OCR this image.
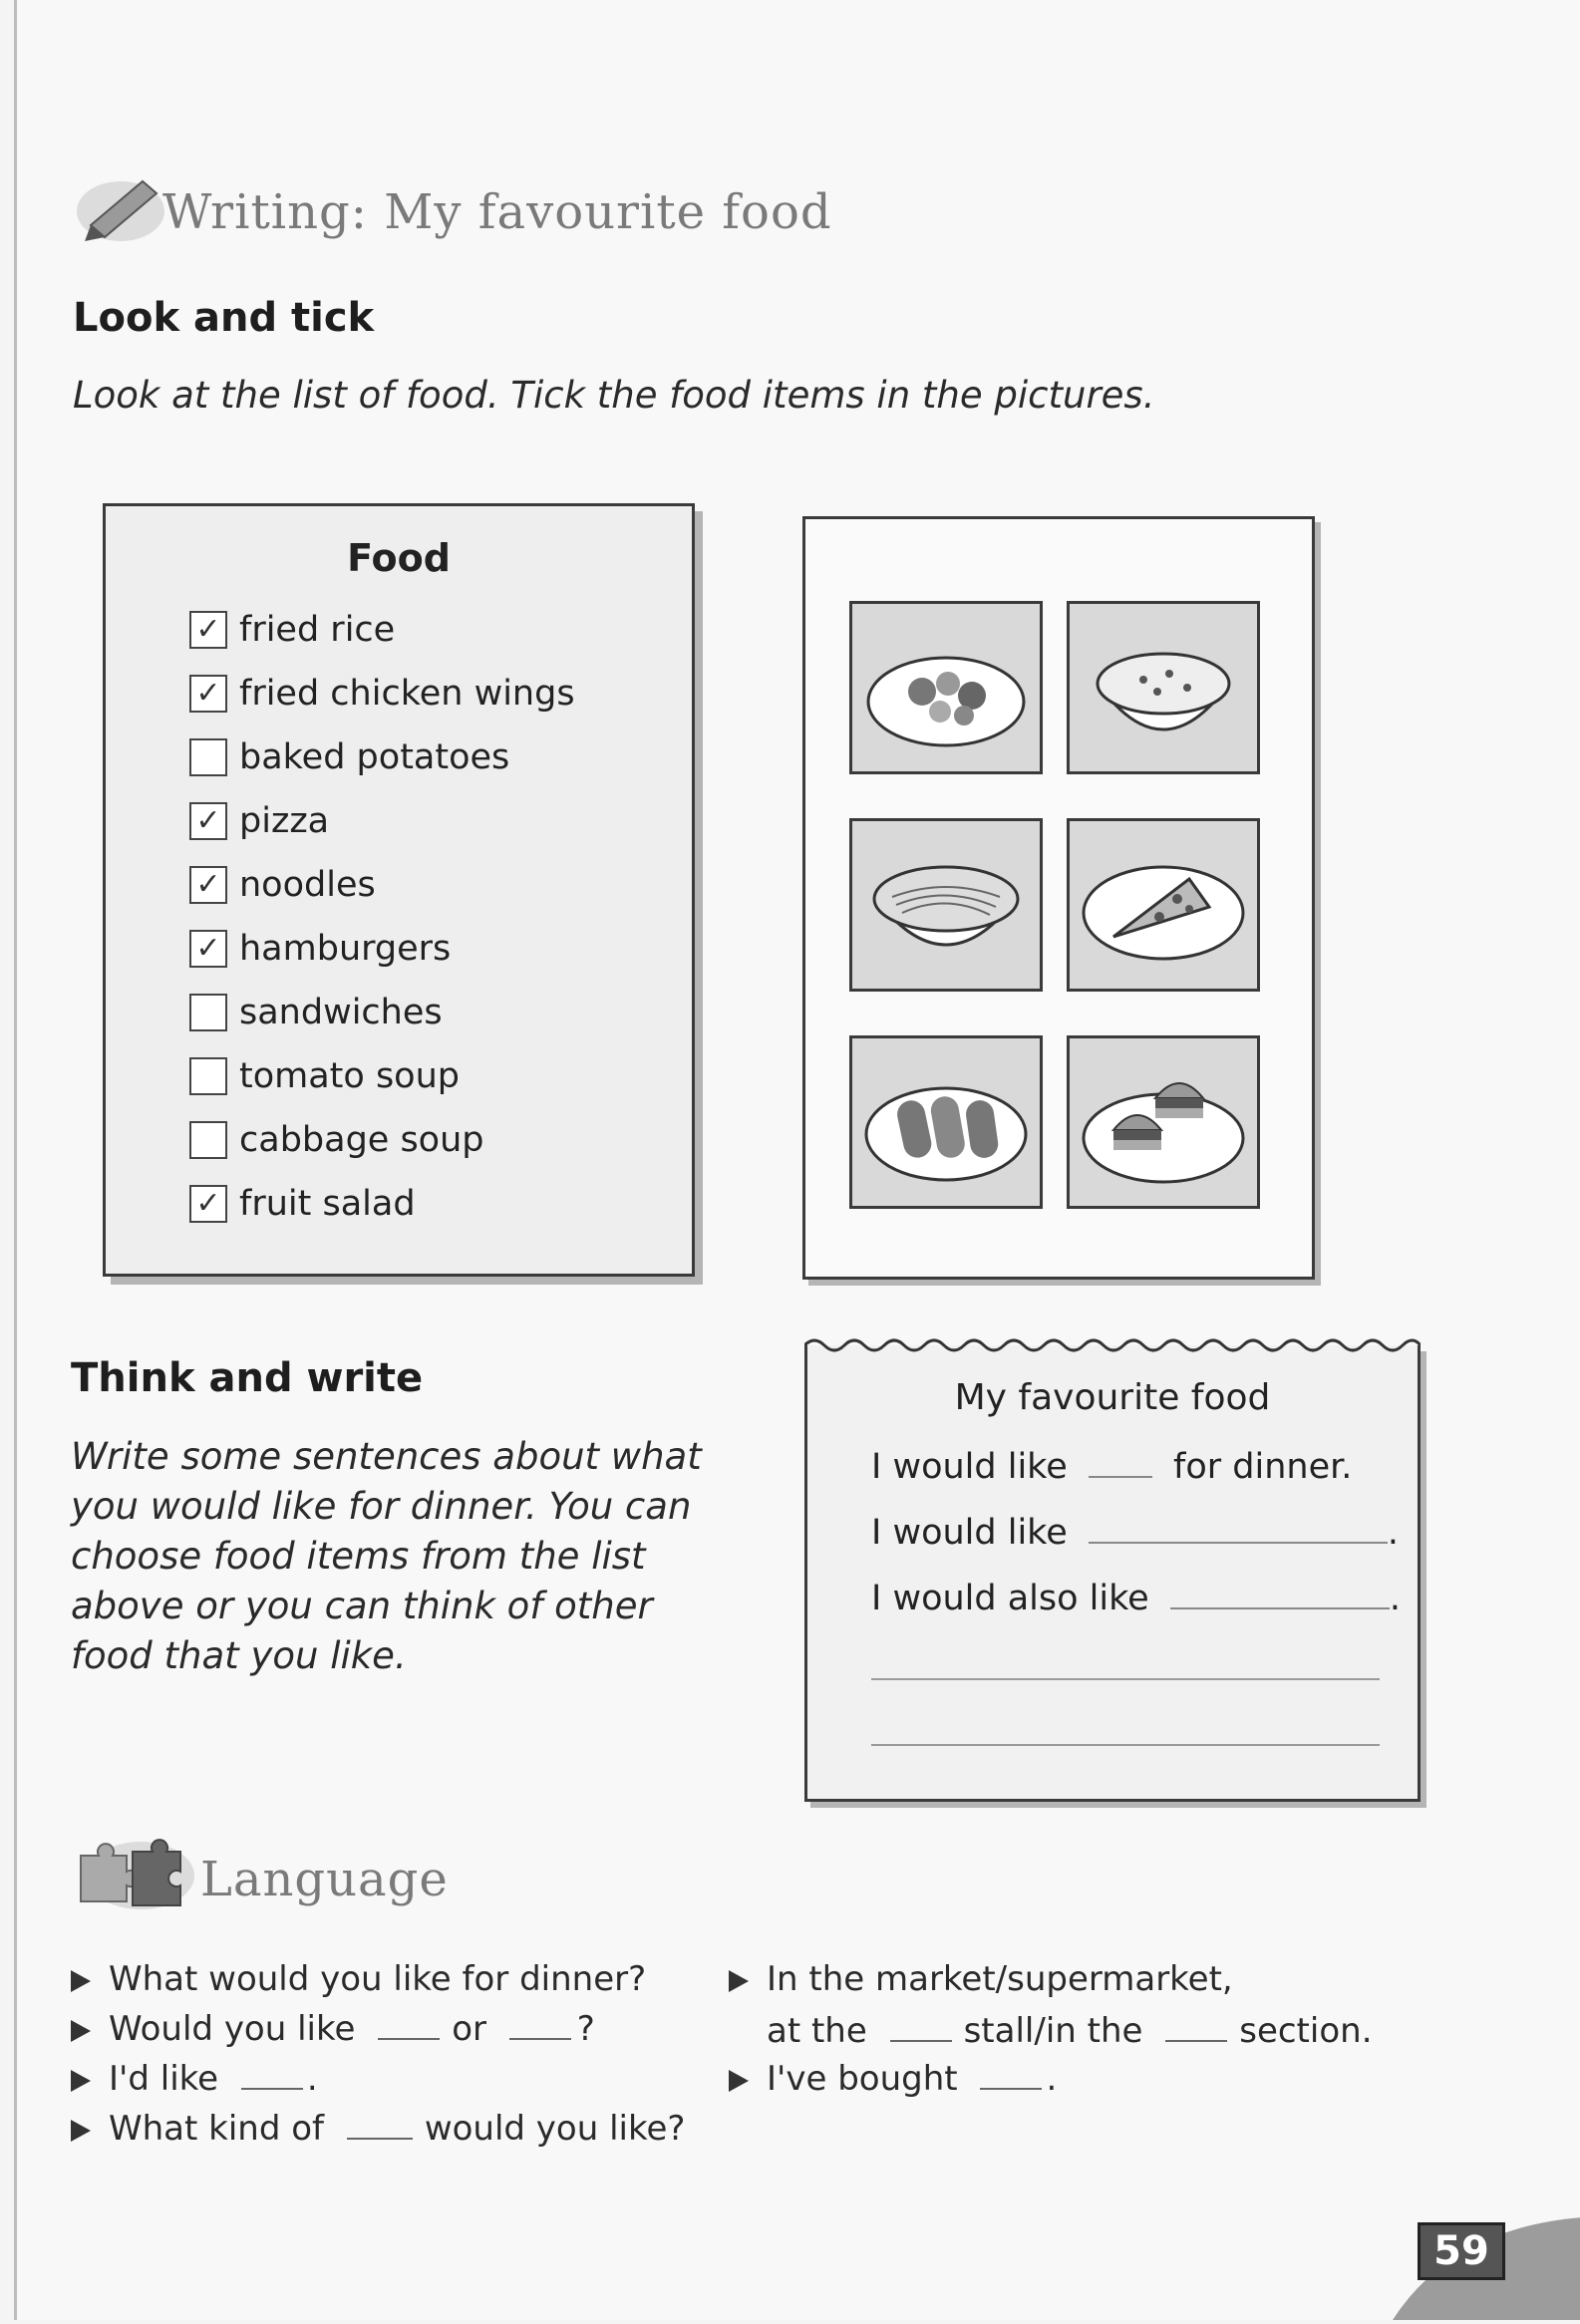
Writing: My favourite food
Look and tick
Look at the list of food. Tick the food items in the pictures.
Food
✓ fried rice
✓ fried chicken wings
baked potatoes
✓ pizza
✓ noodles
✓ hamburgers
sandwiches
tomato soup
cabbage soup
✓ fruit salad
Think and write
Write some sentences about what you would like for dinner. You can choose food items from the list above or you can think of other food that you like.
My favourite food
I would like	for dinner.
I would like	.
I would also like	.
Language
What would you like for dinner?
Would you like	or	?
I'd like	.
What kind of	would you like?
In the market/supermarket,
at the	stall/in the	section.
I've bought	.
59
